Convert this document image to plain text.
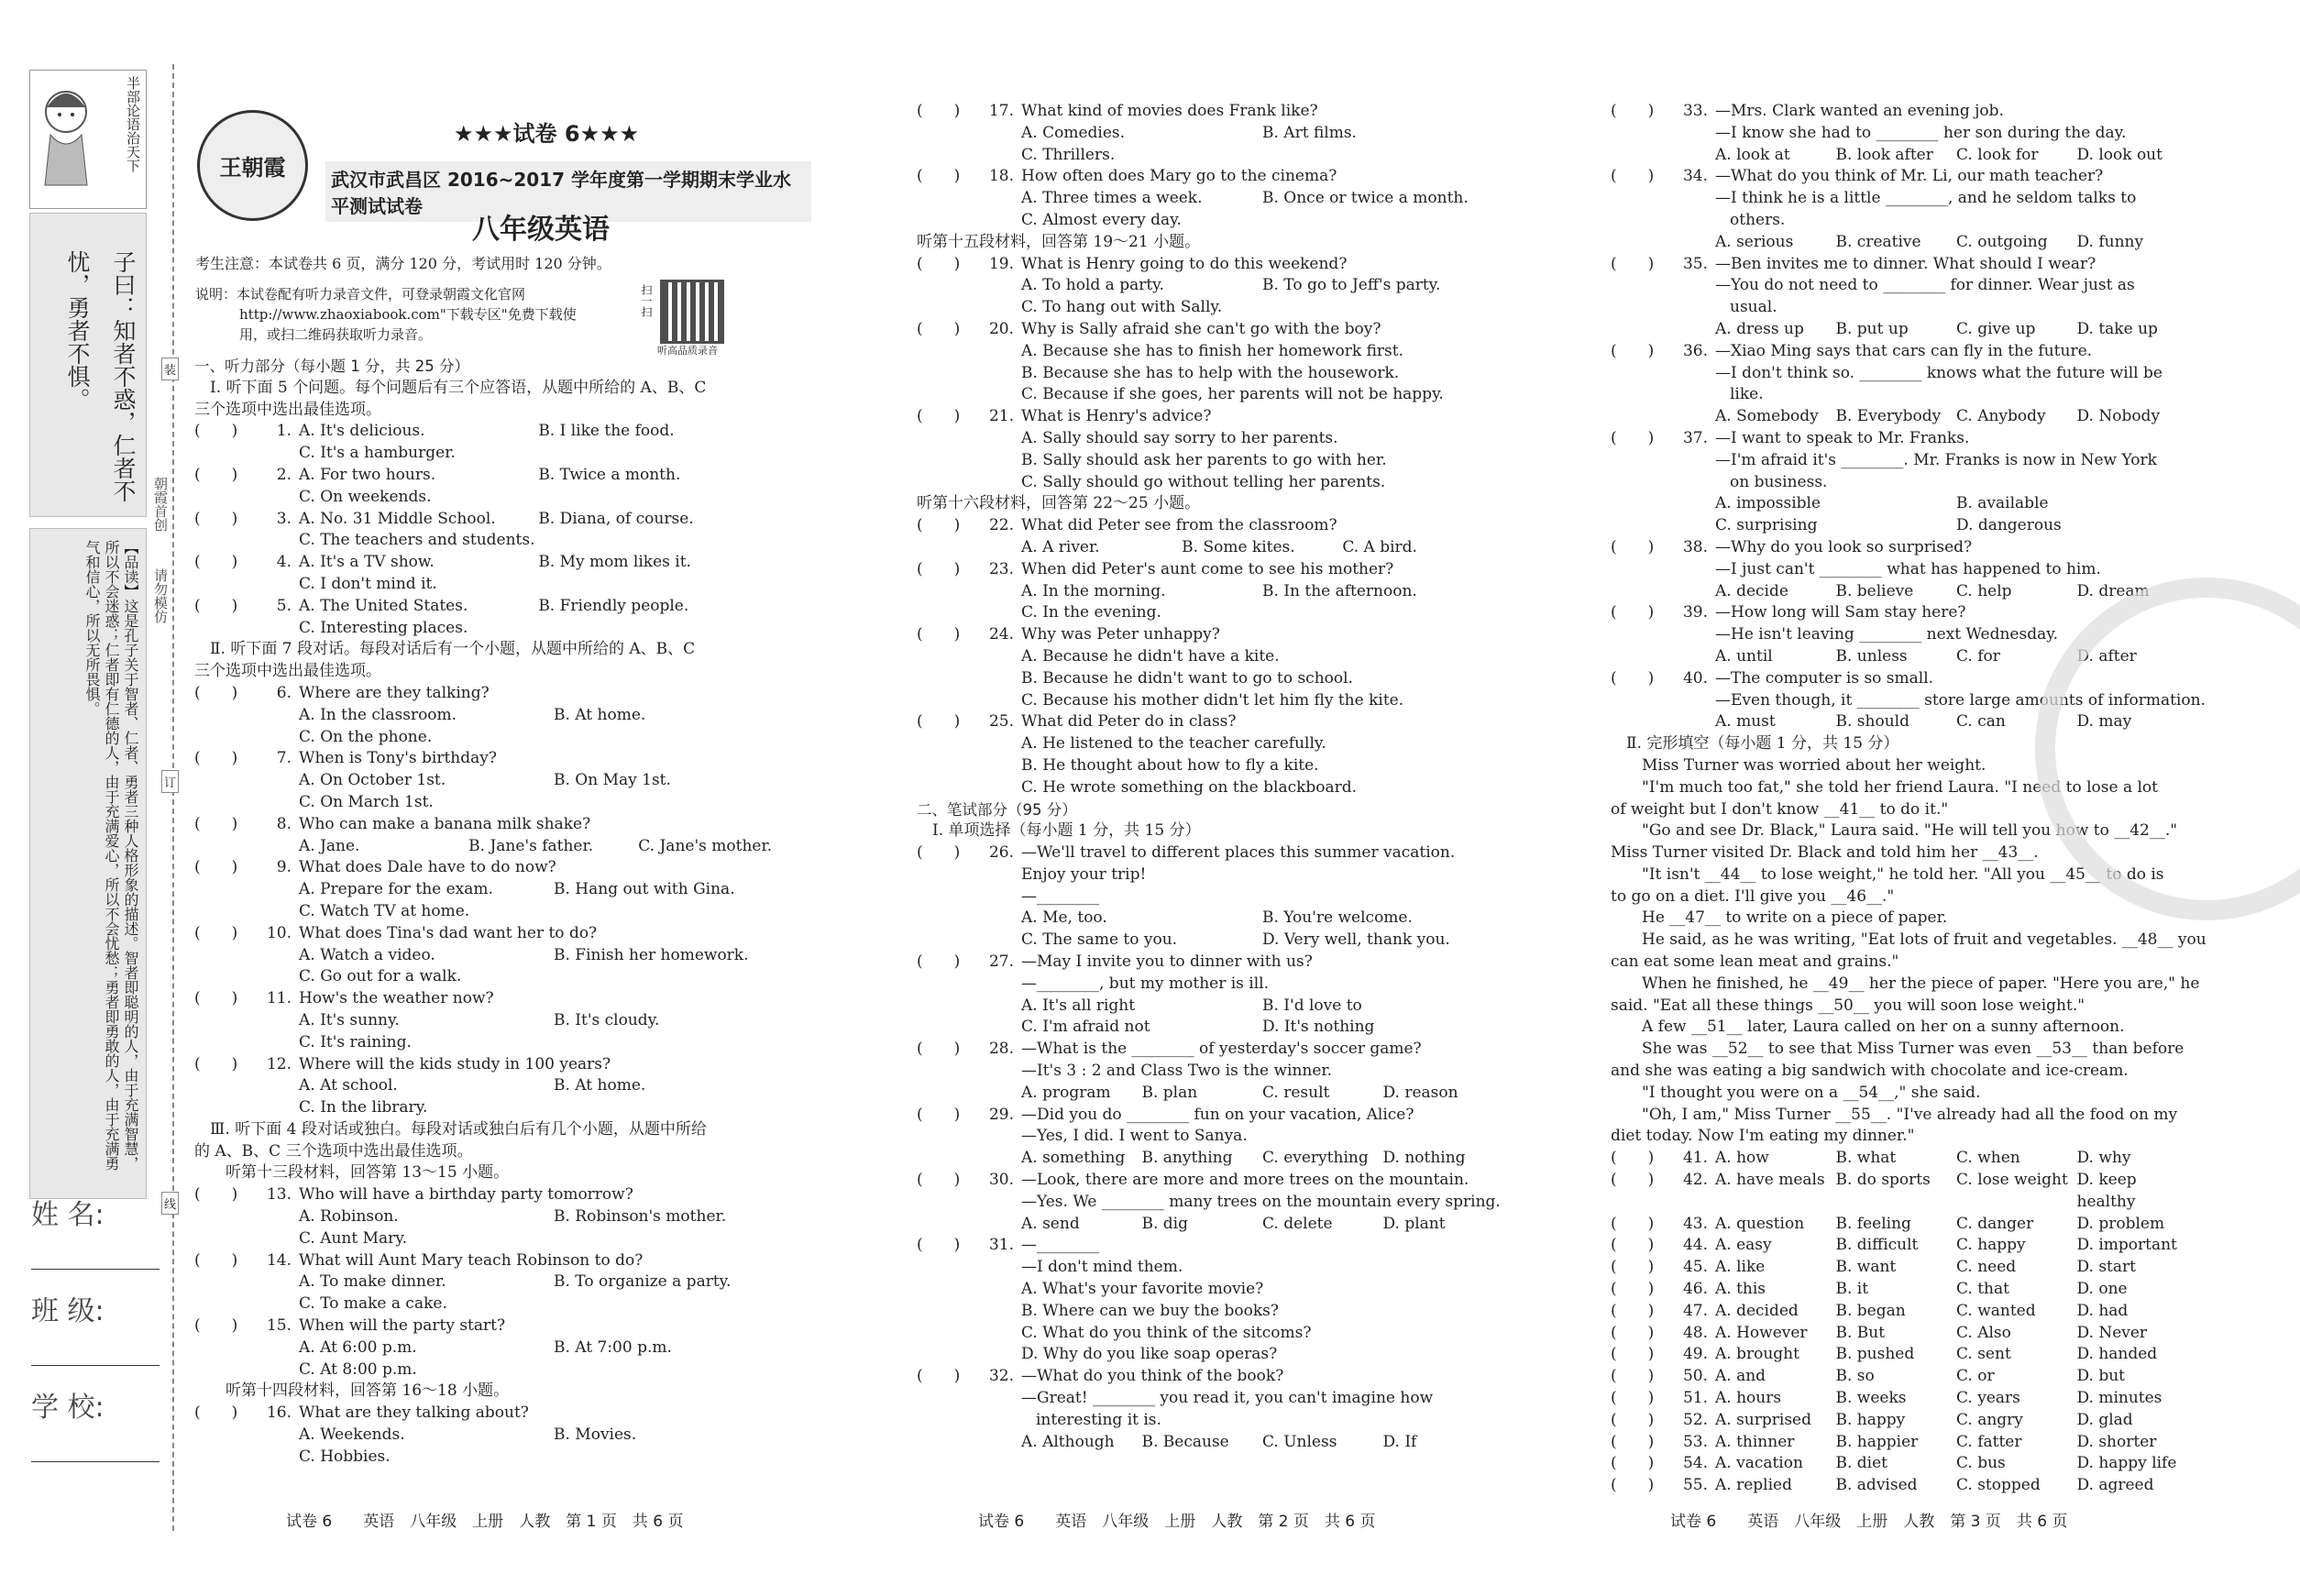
半
部
论
语
治
天
下
子曰：知者不惑，仁者不
忧，勇者不惧。
【品读】这是孔子关于智者、仁者、勇者三种人格形象的描述。智者即聪明的人，由于充满智慧，所以不会迷惑；仁者即有仁德的人，由于充满爱心，所以不会忧愁；勇者即勇敢的人，由于充满勇气和信心，所以无所畏惧。
朝霞首创
请勿模仿
装
订
线
姓 名:
班 级:
学 校:
王朝霞
★★★试卷 6★★★
武汉市武昌区 2016~2017 学年度第一学期期末学业水平测试试卷
八年级英语
考生注意：本试卷共 6 页，满分 120 分，考试用时 120 分钟。
说明：本试卷配有听力录音文件，可登录朝霞文化官网
http://www.zhaoxiabook.com"下载专区"免费下载使
用，或扫二维码获取听力录音。
扫一扫
听高品质录音
一、听力部分（每小题 1 分，共 25 分）
　Ⅰ. 听下面 5 个问题。每个问题后有三个应答语，从题中所给的 A、B、C
三个选项中选出最佳选项。
(　　)	1. A. It's delicious.	B. I like the food.
C. It's a hamburger.
(　　)	2. A. For two hours.	B. Twice a month.
C. On weekends.
(　　)	3. A. No. 31 Middle School.	B. Diana, of course.
C. The teachers and students.
(　　)	4. A. It's a TV show.	B. My mom likes it.
C. I don't mind it.
(　　)	5. A. The United States.	B. Friendly people.
C. Interesting places.
　Ⅱ. 听下面 7 段对话。每段对话后有一个小题，从题中所给的 A、B、C
三个选项中选出最佳选项。
(　　)	6. Where are they talking?
A. In the classroom.	B. At home.
C. On the phone.
(　　)	7. When is Tony's birthday?
A. On October 1st.	B. On May 1st.
C. On March 1st.
(　　)	8. Who can make a banana milk shake?
A. Jane.	B. Jane's father.	C. Jane's mother.
(　　)	9. What does Dale have to do now?
A. Prepare for the exam.	B. Hang out with Gina.
C. Watch TV at home.
(　　)	10. What does Tina's dad want her to do?
A. Watch a video.	B. Finish her homework.
C. Go out for a walk.
(　　)	11. How's the weather now?
A. It's sunny.	B. It's cloudy.
C. It's raining.
(　　)	12. Where will the kids study in 100 years?
A. At school.	B. At home.
C. In the library.
　Ⅲ. 听下面 4 段对话或独白。每段对话或独白后有几个小题，从题中所给
的 A、B、C 三个选项中选出最佳选项。
　　听第十三段材料，回答第 13～15 小题。
(　　)	13. Who will have a birthday party tomorrow?
A. Robinson.	B. Robinson's mother.
C. Aunt Mary.
(　　)	14. What will Aunt Mary teach Robinson to do?
A. To make dinner.	B. To organize a party.
C. To make a cake.
(　　)	15. When will the party start?
A. At 6:00 p.m.	B. At 7:00 p.m.
C. At 8:00 p.m.
　　听第十四段材料，回答第 16～18 小题。
(　　)	16. What are they talking about?
A. Weekends.	B. Movies.
C. Hobbies.
(　　)	17. What kind of movies does Frank like?
A. Comedies.	B. Art films.
C. Thrillers.
(　　)	18. How often does Mary go to the cinema?
A. Three times a week.	B. Once or twice a month.
C. Almost every day.
听第十五段材料，回答第 19～21 小题。
(　　)	19. What is Henry going to do this weekend?
A. To hold a party.	B. To go to Jeff's party.
C. To hang out with Sally.
(　　)	20. Why is Sally afraid she can't go with the boy?
A. Because she has to finish her homework first.
B. Because she has to help with the housework.
C. Because if she goes, her parents will not be happy.
(　　)	21. What is Henry's advice?
A. Sally should say sorry to her parents.
B. Sally should ask her parents to go with her.
C. Sally should go without telling her parents.
听第十六段材料，回答第 22～25 小题。
(　　)	22. What did Peter see from the classroom?
A. A river.	B. Some kites.	C. A bird.
(　　)	23. When did Peter's aunt come to see his mother?
A. In the morning.	B. In the afternoon.
C. In the evening.
(　　)	24. Why was Peter unhappy?
A. Because he didn't have a kite.
B. Because he didn't want to go to school.
C. Because his mother didn't let him fly the kite.
(　　)	25. What did Peter do in class?
A. He listened to the teacher carefully.
B. He thought about how to fly a kite.
C. He wrote something on the blackboard.
二、笔试部分（95 分）
　Ⅰ. 单项选择（每小题 1 分，共 15 分）
(　　)	26. —We'll travel to different places this summer vacation.
Enjoy your trip!
—________
A. Me, too.	B. You're welcome.
C. The same to you.	D. Very well, thank you.
(　　)	27. —May I invite you to dinner with us?
—________, but my mother is ill.
A. It's all right	B. I'd love to
C. I'm afraid not	D. It's nothing
(　　)	28. —What is the ________ of yesterday's soccer game?
—It's 3 : 2 and Class Two is the winner.
A. program	B. plan	C. result	D. reason
(　　)	29. —Did you do ________ fun on your vacation, Alice?
—Yes, I did. I went to Sanya.
A. something	B. anything	C. everything D. nothing
(　　)	30. —Look, there are more and more trees on the mountain.
—Yes. We ________ many trees on the mountain every spring.
A. send	B. dig	C. delete	D. plant
(　　)	31. —________
—I don't mind them.
A. What's your favorite movie?
B. Where can we buy the books?
C. What do you think of the sitcoms?
D. Why do you like soap operas?
(　　)	32. —What do you think of the book?
—Great! ________ you read it, you can't imagine how
interesting it is.
A. Although	B. Because	C. Unless	D. If
(　　)	33. —Mrs. Clark wanted an evening job.
—I know she had to ________ her son during the day.
A. look at	B. look after	C. look for	D. look out
(　　)	34. —What do you think of Mr. Li, our math teacher?
—I think he is a little ________, and he seldom talks to
others.
A. serious	B. creative	C. outgoing	D. funny
(　　)	35. —Ben invites me to dinner. What should I wear?
—You do not need to ________ for dinner. Wear just as
usual.
A. dress up	B. put up	C. give up	D. take up
(　　)	36. —Xiao Ming says that cars can fly in the future.
—I don't think so. ________ knows what the future will be
like.
A. Somebody	B. Everybody C. Anybody	D. Nobody
(　　)	37. —I want to speak to Mr. Franks.
—I'm afraid it's ________. Mr. Franks is now in New York
on business.
A. impossible	B. available
C. surprising	D. dangerous
(　　)	38. —Why do you look so surprised?
—I just can't ________ what has happened to him.
A. decide	B. believe	C. help	D. dream
(　　)	39. —How long will Sam stay here?
—He isn't leaving ________ next Wednesday.
A. until	B. unless	C. for	D. after
(　　)	40. —The computer is so small.
—Even though, it ________ store large amounts of information.
A. must	B. should	C. can	D. may
　Ⅱ. 完形填空（每小题 1 分，共 15 分）
　　Miss Turner was worried about her weight.
　　"I'm much too fat," she told her friend Laura. "I need to lose a lot
of weight but I don't know __41__ to do it."
　　"Go and see Dr. Black," Laura said. "He will tell you how to __42__."
Miss Turner visited Dr. Black and told him her __43__.
　　"It isn't __44__ to lose weight," he told her. "All you __45__ to do is
to go on a diet. I'll give you __46__."
　　He __47__ to write on a piece of paper.
　　He said, as he was writing, "Eat lots of fruit and vegetables. __48__ you
can eat some lean meat and grains."
　　When he finished, he __49__ her the piece of paper. "Here you are," he
said. "Eat all these things __50__ you will soon lose weight."
　　A few __51__ later, Laura called on her on a sunny afternoon.
　　She was __52__ to see that Miss Turner was even __53__ than before
and she was eating a big sandwich with chocolate and ice-cream.
　　"I thought you were on a __54__," she said.
　　"Oh, I am," Miss Turner __55__. "I've already had all the food on my
diet today. Now I'm eating my dinner."
(　　)	41. A. how	B. what	C. when	D. why
(　　)	42. A. have meals B. do sports	C. lose weight D. keep healthy
(　　)	43. A. question	B. feeling	C. danger	D. problem
(　　)	44. A. easy	B. difficult	C. happy	D. important
(　　)	45. A. like	B. want	C. need	D. start
(　　)	46. A. this	B. it	C. that	D. one
(　　)	47. A. decided	B. began	C. wanted	D. had
(　　)	48. A. However	B. But	C. Also	D. Never
(　　)	49. A. brought	B. pushed	C. sent	D. handed
(　　)	50. A. and	B. so	C. or	D. but
(　　)	51. A. hours	B. weeks	C. years	D. minutes
(　　)	52. A. surprised	B. happy	C. angry	D. glad
(　　)	53. A. thinner	B. happier	C. fatter	D. shorter
(　　)	54. A. vacation	B. diet	C. bus	D. happy life
(　　)	55. A. replied	B. advised	C. stopped	D. agreed
试卷 6　　英语　八年级　上册　人教　第 1 页　共 6 页	试卷 6　　英语　八年级　上册　人教　第 2 页　共 6 页	试卷 6　　英语　八年级　上册　人教　第 3 页　共 6 页
